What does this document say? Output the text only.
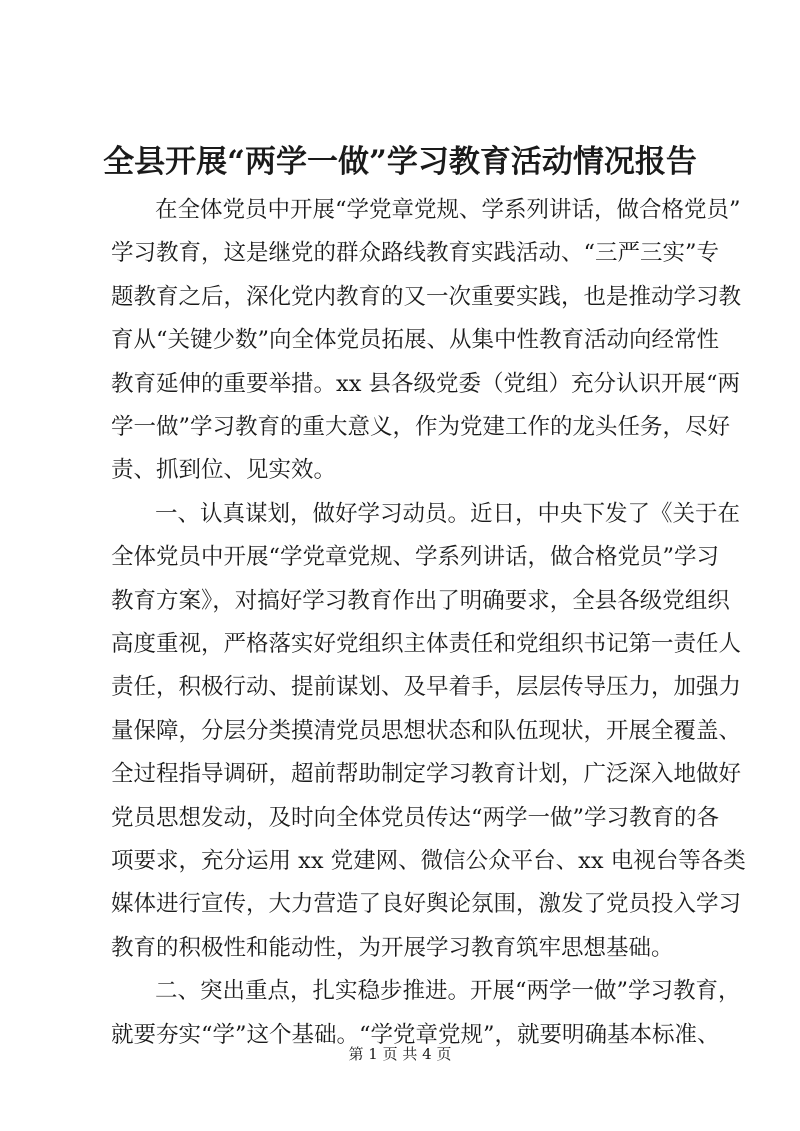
全县开展“两学一做”学习教育活动情况报告
在全体党员中开展“学党章党规、学系列讲话，做合格党员”
学习教育，这是继党的群众路线教育实践活动、“三严三实”专
题教育之后，深化党内教育的又一次重要实践，也是推动学习教
育从“关键少数”向全体党员拓展、从集中性教育活动向经常性
教育延伸的重要举措。xx 县各级党委（党组）充分认识开展“两
学一做”学习教育的重大意义，作为党建工作的龙头任务，尽好
责、抓到位、见实效。
一、认真谋划，做好学习动员。近日，中央下发了《关于在
全体党员中开展“学党章党规、学系列讲话，做合格党员”学习
教育方案》，对搞好学习教育作出了明确要求，全县各级党组织
高度重视，严格落实好党组织主体责任和党组织书记第一责任人
责任，积极行动、提前谋划、及早着手，层层传导压力，加强力
量保障，分层分类摸清党员思想状态和队伍现状，开展全覆盖、
全过程指导调研，超前帮助制定学习教育计划，广泛深入地做好
党员思想发动，及时向全体党员传达“两学一做”学习教育的各
项要求，充分运用 xx 党建网、微信公众平台、xx 电视台等各类
媒体进行宣传，大力营造了良好舆论氛围，激发了党员投入学习
教育的积极性和能动性，为开展学习教育筑牢思想基础。
二、突出重点，扎实稳步推进。开展“两学一做”学习教育，
就要夯实“学”这个基础。“学党章党规”，就要明确基本标准、
第 1 页 共 4 页
